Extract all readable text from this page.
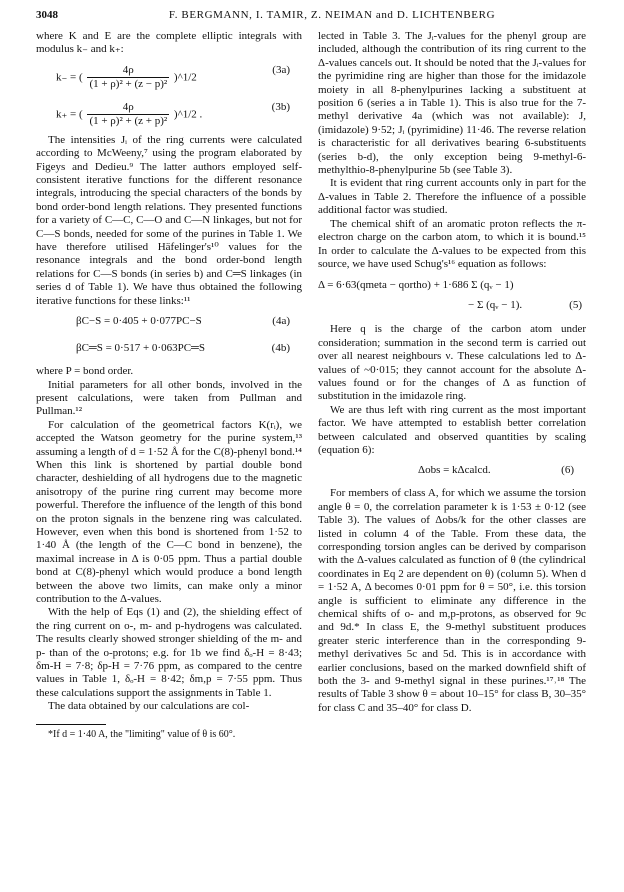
3048	F. BERGMANN, I. TAMIR, Z. NEIMAN and D. LICHTENBERG

where K and E are the complete elliptic integrals with modulus k₋ and k₊:

k₋ = ( $\frac{4\rho}{\text{(1 + ρ)² + (z − p)²}}$ )^1/2
(3a)
k₊ = ( $\frac{4\rho}{\text{(1 + ρ)² + (z + p)²}}$ )^1/2 .
(3b)

The intensities Jᵢ of the ring currents were calculated according to McWeeny,⁷ using the program elaborated by Figeys and Dedieu.⁹ The latter authors employed self-consistent iterative functions for the different resonance integrals, introducing the special characters of the bonds by bond order-bond length relations. They presented functions for a variety of C—C, C—O and C—N linkages, but not for C—S bonds, needed for some of the purines in Table 1. We have therefore utilised Häfelinger's¹⁰ values for the resonance integrals and the bond order-bond length relations for C—S bonds (in series b) and C═S linkages (in series d of Table 1). We have thus obtained the following iterative functions for these links:¹¹

βC−S = 0·405 + 0·077PC−S	(4a)
βC═S = 0·517 + 0·063PC═S	(4b)

where P = bond order.

Initial parameters for all other bonds, involved in the present calculations, were taken from Pullman and Pullman.¹²

For calculation of the geometrical factors K(rᵢ), we accepted the Watson geometry for the purine system,¹³ assuming a length of d = 1·52 Å for the C(8)-phenyl bond.¹⁴ When this link is shortened by partial double bond character, deshielding of all hydrogens due to the magnetic anisotropy of the purine ring current may become more powerful. Therefore the influence of the length of this bond on the proton signals in the benzene ring was calculated. However, even when this bond is shortened from 1·52 to 1·40 Å (the length of the C—C bond in benzene), the maximal increase in Δ is 0·05 ppm. Thus a partial double bond at C(8)-phenyl which would produce a bond length between the above two limits, can make only a minor contribution to the Δ-values.

With the help of Eqs (1) and (2), the shielding effect of the ring current on o-, m- and p-hydrogens was calculated. The results clearly showed stronger shielding of the m- and p- than of the o-protons; e.g. for 1b we find δₒ-H = 8·43; δm-H = 7·8; δp-H = 7·76 ppm, as compared to the centre values in Table 1, δₒ-H = 8·42; δm,p = 7·55 ppm. Thus these calculations support the assignments in Table 1.

The data obtained by our calculations are col-

*If d = 1·40 A, the "limiting" value of θ is 60°.

lected in Table 3. The Jᵢ-values for the phenyl group are included, although the contribution of its ring current to the Δ-values cancels out. It should be noted that the Jᵢ-values for the pyrimidine ring are higher than those for the imidazole moiety in all 8-phenylpurines lacking a substituent at position 6 (series a in Table 1). This is also true for the 7-methyl derivative 4a (which was not available): J, (imidazole) 9·52; Jᵢ (pyrimidine) 11·46. The reverse relation is characteristic for all derivatives bearing 6-substituents (series b-d), the only exception being 9-methyl-6-methylthio-8-phenylpurine 5b (see Table 3).

It is evident that ring current accounts only in part for the Δ-values in Table 2. Therefore the influence of a possible additional factor was studied.

The chemical shift of an aromatic proton reflects the π-electron charge on the carbon atom, to which it is bound.¹⁵ In order to calculate the Δ-values to be expected from this source, we have used Schug's¹⁶ equation as follows:

Δ = 6·63(qmeta − qortho) + 1·686 Σ (qᵥ − 1)
− Σ (qᵥ − 1).	(5)

Here q is the charge of the carbon atom under consideration; summation in the second term is carried out over all nearest neighbours ν. These calculations led to Δ-values of ~0·015; they cannot account for the absolute Δ-values found or for the changes of Δ as function of substitution in the imidazole ring.

We are thus left with ring current as the most important factor. We have attempted to establish better correlation between calculated and observed quantities by scaling (equation 6):

Δobs = kΔcalcd.	(6)

For members of class A, for which we assume the torsion angle θ = 0, the correlation parameter k is 1·53 ± 0·12 (see Table 3). The values of Δobs/k for the other classes are listed in column 4 of the Table. From these data, the corresponding torsion angles can be derived by comparison with the Δ-values calculated as function of θ (the cylindrical coordinates in Eq 2 are dependent on θ) (column 5). When d = 1·52 A, Δ becomes 0·01 ppm for θ = 50°, i.e. this torsion angle is sufficient to eliminate any difference in the chemical shifts of o- and m,p-protons, as observed for 9c and 9d.* In class E, the 9-methyl substituent produces greater steric interference than in the corresponding 9-methyl derivatives 5c and 5d. This is in accordance with earlier conclusions, based on the marked downfield shift of both the 3- and 9-methyl signal in these purines.¹⁷˒¹⁸ The results of Table 3 show θ = about 10–15° for class B, 30–35° for class C and 35–40° for class D.
